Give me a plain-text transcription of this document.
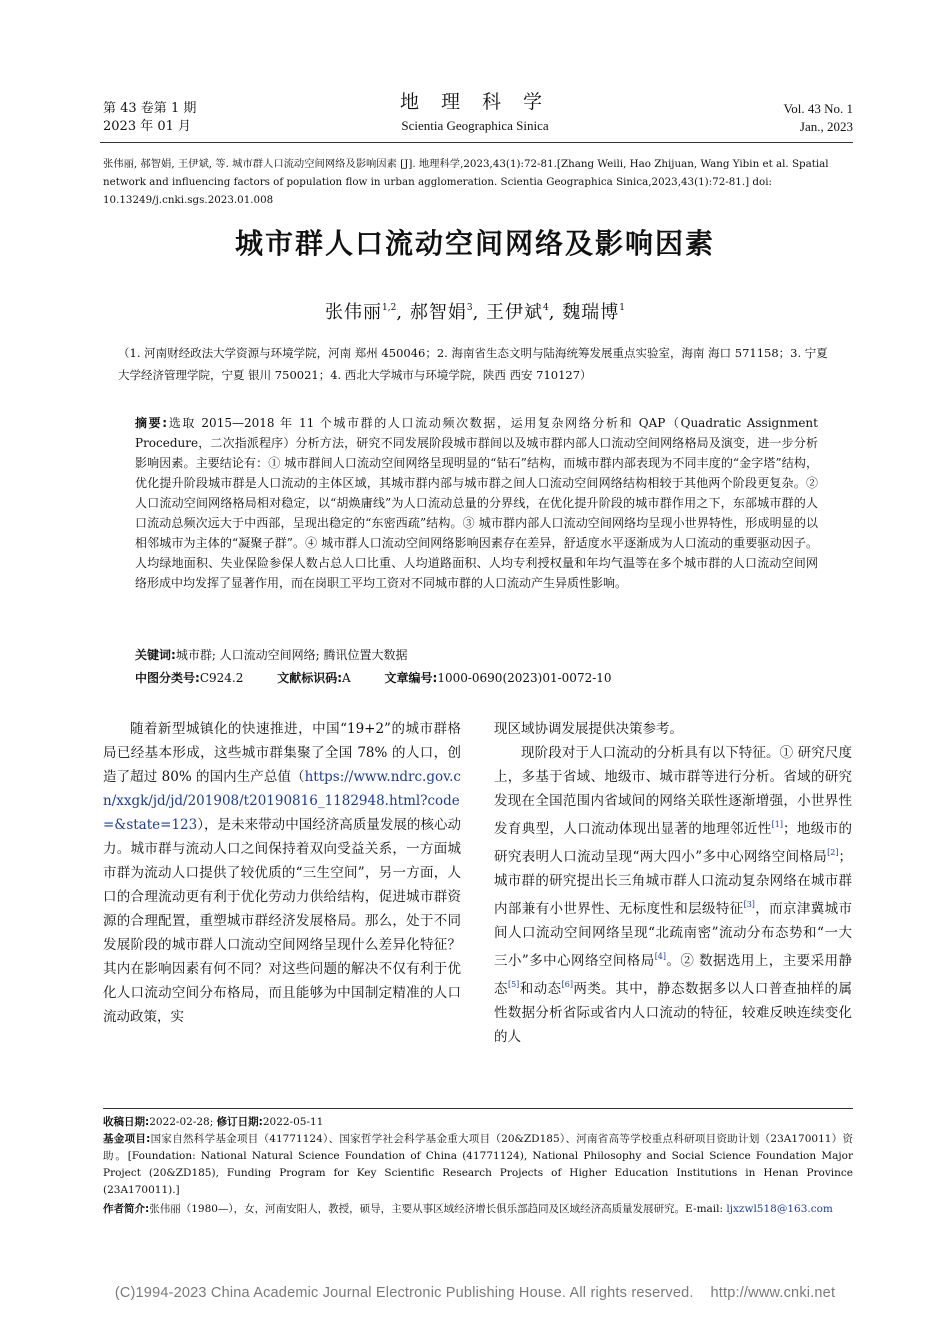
第 43 卷第 1 期
2023 年 01 月
地 理 科 学
Scientia Geographica Sinica
Vol. 43 No. 1
Jan., 2023
张伟丽, 郝智娟, 王伊斌, 等. 城市群人口流动空间网络及影响因素 [J]. 地理科学,2023,43(1):72-81.[Zhang Weili, Hao Zhijuan, Wang Yibin et al. Spatial network and influencing factors of population flow in urban agglomeration. Scientia Geographica Sinica,2023,43(1):72-81.] doi: 10.13249/j.cnki.sgs.2023.01.008
城市群人口流动空间网络及影响因素
张伟丽$^{1,2}$, 郝智娟$^3$, 王伊斌$^4$, 魏瑞博$^1$
（1. 河南财经政法大学资源与环境学院，河南 郑州 450046；2. 海南省生态文明与陆海统筹发展重点实验室，海南 海口 571158；3. 宁夏大学经济管理学院，宁夏 银川 750021；4. 西北大学城市与环境学院，陕西 西安 710127）
摘要:选取 2015—2018 年 11 个城市群的人口流动频次数据，运用复杂网络分析和 QAP（Quadratic Assignment Procedure，二次指派程序）分析方法，研究不同发展阶段城市群间以及城市群内部人口流动空间网络格局及演变，进一步分析影响因素。主要结论有：① 城市群间人口流动空间网络呈现明显的“钻石”结构，而城市群内部表现为不同丰度的“金字塔”结构，优化提升阶段城市群是人口流动的主体区域，其城市群内部与城市群之间人口流动空间网络结构相较于其他两个阶段更复杂。② 人口流动空间网络格局相对稳定，以“胡焕庸线”为人口流动总量的分界线，在优化提升阶段的城市群作用之下，东部城市群的人口流动总频次远大于中西部，呈现出稳定的“东密西疏”结构。③ 城市群内部人口流动空间网络均呈现小世界特性，形成明显的以相邻城市为主体的“凝聚子群”。④ 城市群人口流动空间网络影响因素存在差异，舒适度水平逐渐成为人口流动的重要驱动因子。人均绿地面积、失业保险参保人数占总人口比重、人均道路面积、人均专利授权量和年均气温等在多个城市群的人口流动空间网络形成中均发挥了显著作用，而在岗职工平均工资对不同城市群的人口流动产生异质性影响。
关键词:城市群; 人口流动空间网络; 腾讯位置大数据
中图分类号:C924.2	文献标识码:A	文章编号:1000-0690(2023)01-0072-10

随着新型城镇化的快速推进，中国“19+2”的城市群格局已经基本形成，这些城市群集聚了全国 78% 的人口，创造了超过 80% 的国内生产总值（https://www.ndrc.gov.cn/xxgk/jd/jd/201908/t20190816_1182948.html?code=&state=123），是未来带动中国经济高质量发展的核心动力。城市群与流动人口之间保持着双向受益关系，一方面城市群为流动人口提供了较优质的“三生空间”，另一方面，人口的合理流动更有利于优化劳动力供给结构，促进城市群资源的合理配置，重塑城市群经济发展格局。那么，处于不同发展阶段的城市群人口流动空间网络呈现什么差异化特征？其内在影响因素有何不同？对这些问题的解决不仅有利于优化人口流动空间分布格局，而且能够为中国制定精准的人口流动政策，实

现区域协调发展提供决策参考。

现阶段对于人口流动的分析具有以下特征。① 研究尺度上，多基于省域、地级市、城市群等进行分析。省域的研究发现在全国范围内省域间的网络关联性逐渐增强，小世界性发育典型，人口流动体现出显著的地理邻近性[1]；地级市的研究表明人口流动呈现“两大四小”多中心网络空间格局[2]；城市群的研究提出长三角城市群人口流动复杂网络在城市群内部兼有小世界性、无标度性和层级特征[3]，而京津冀城市间人口流动空间网络呈现“北疏南密”流动分布态势和“一大三小”多中心网络空间格局[4]。② 数据选用上，主要采用静态[5]和动态[6]两类。其中，静态数据多以人口普查抽样的属性数据分析省际或省内人口流动的特征，较难反映连续变化的人

收稿日期:2022-02-28; 修订日期:2022-05-11
基金项目:国家自然科学基金项目（41771124）、国家哲学社会科学基金重大项目（20&ZD185）、河南省高等学校重点科研项目资助计划（23A170011）资助。[Foundation: National Natural Science Foundation of China (41771124), National Philosophy and Social Science Foundation Major Project (20&ZD185), Funding Program for Key Scientific Research Projects of Higher Education Institutions in Henan Province (23A170011).]
作者简介:张伟丽（1980—），女，河南安阳人，教授，硕导，主要从事区域经济增长俱乐部趋同及区域经济高质量发展研究。E-mail: ljxzwl518@163.com
(C)1994-2023 China Academic Journal Electronic Publishing House. All rights reserved.    http://www.cnki.net
